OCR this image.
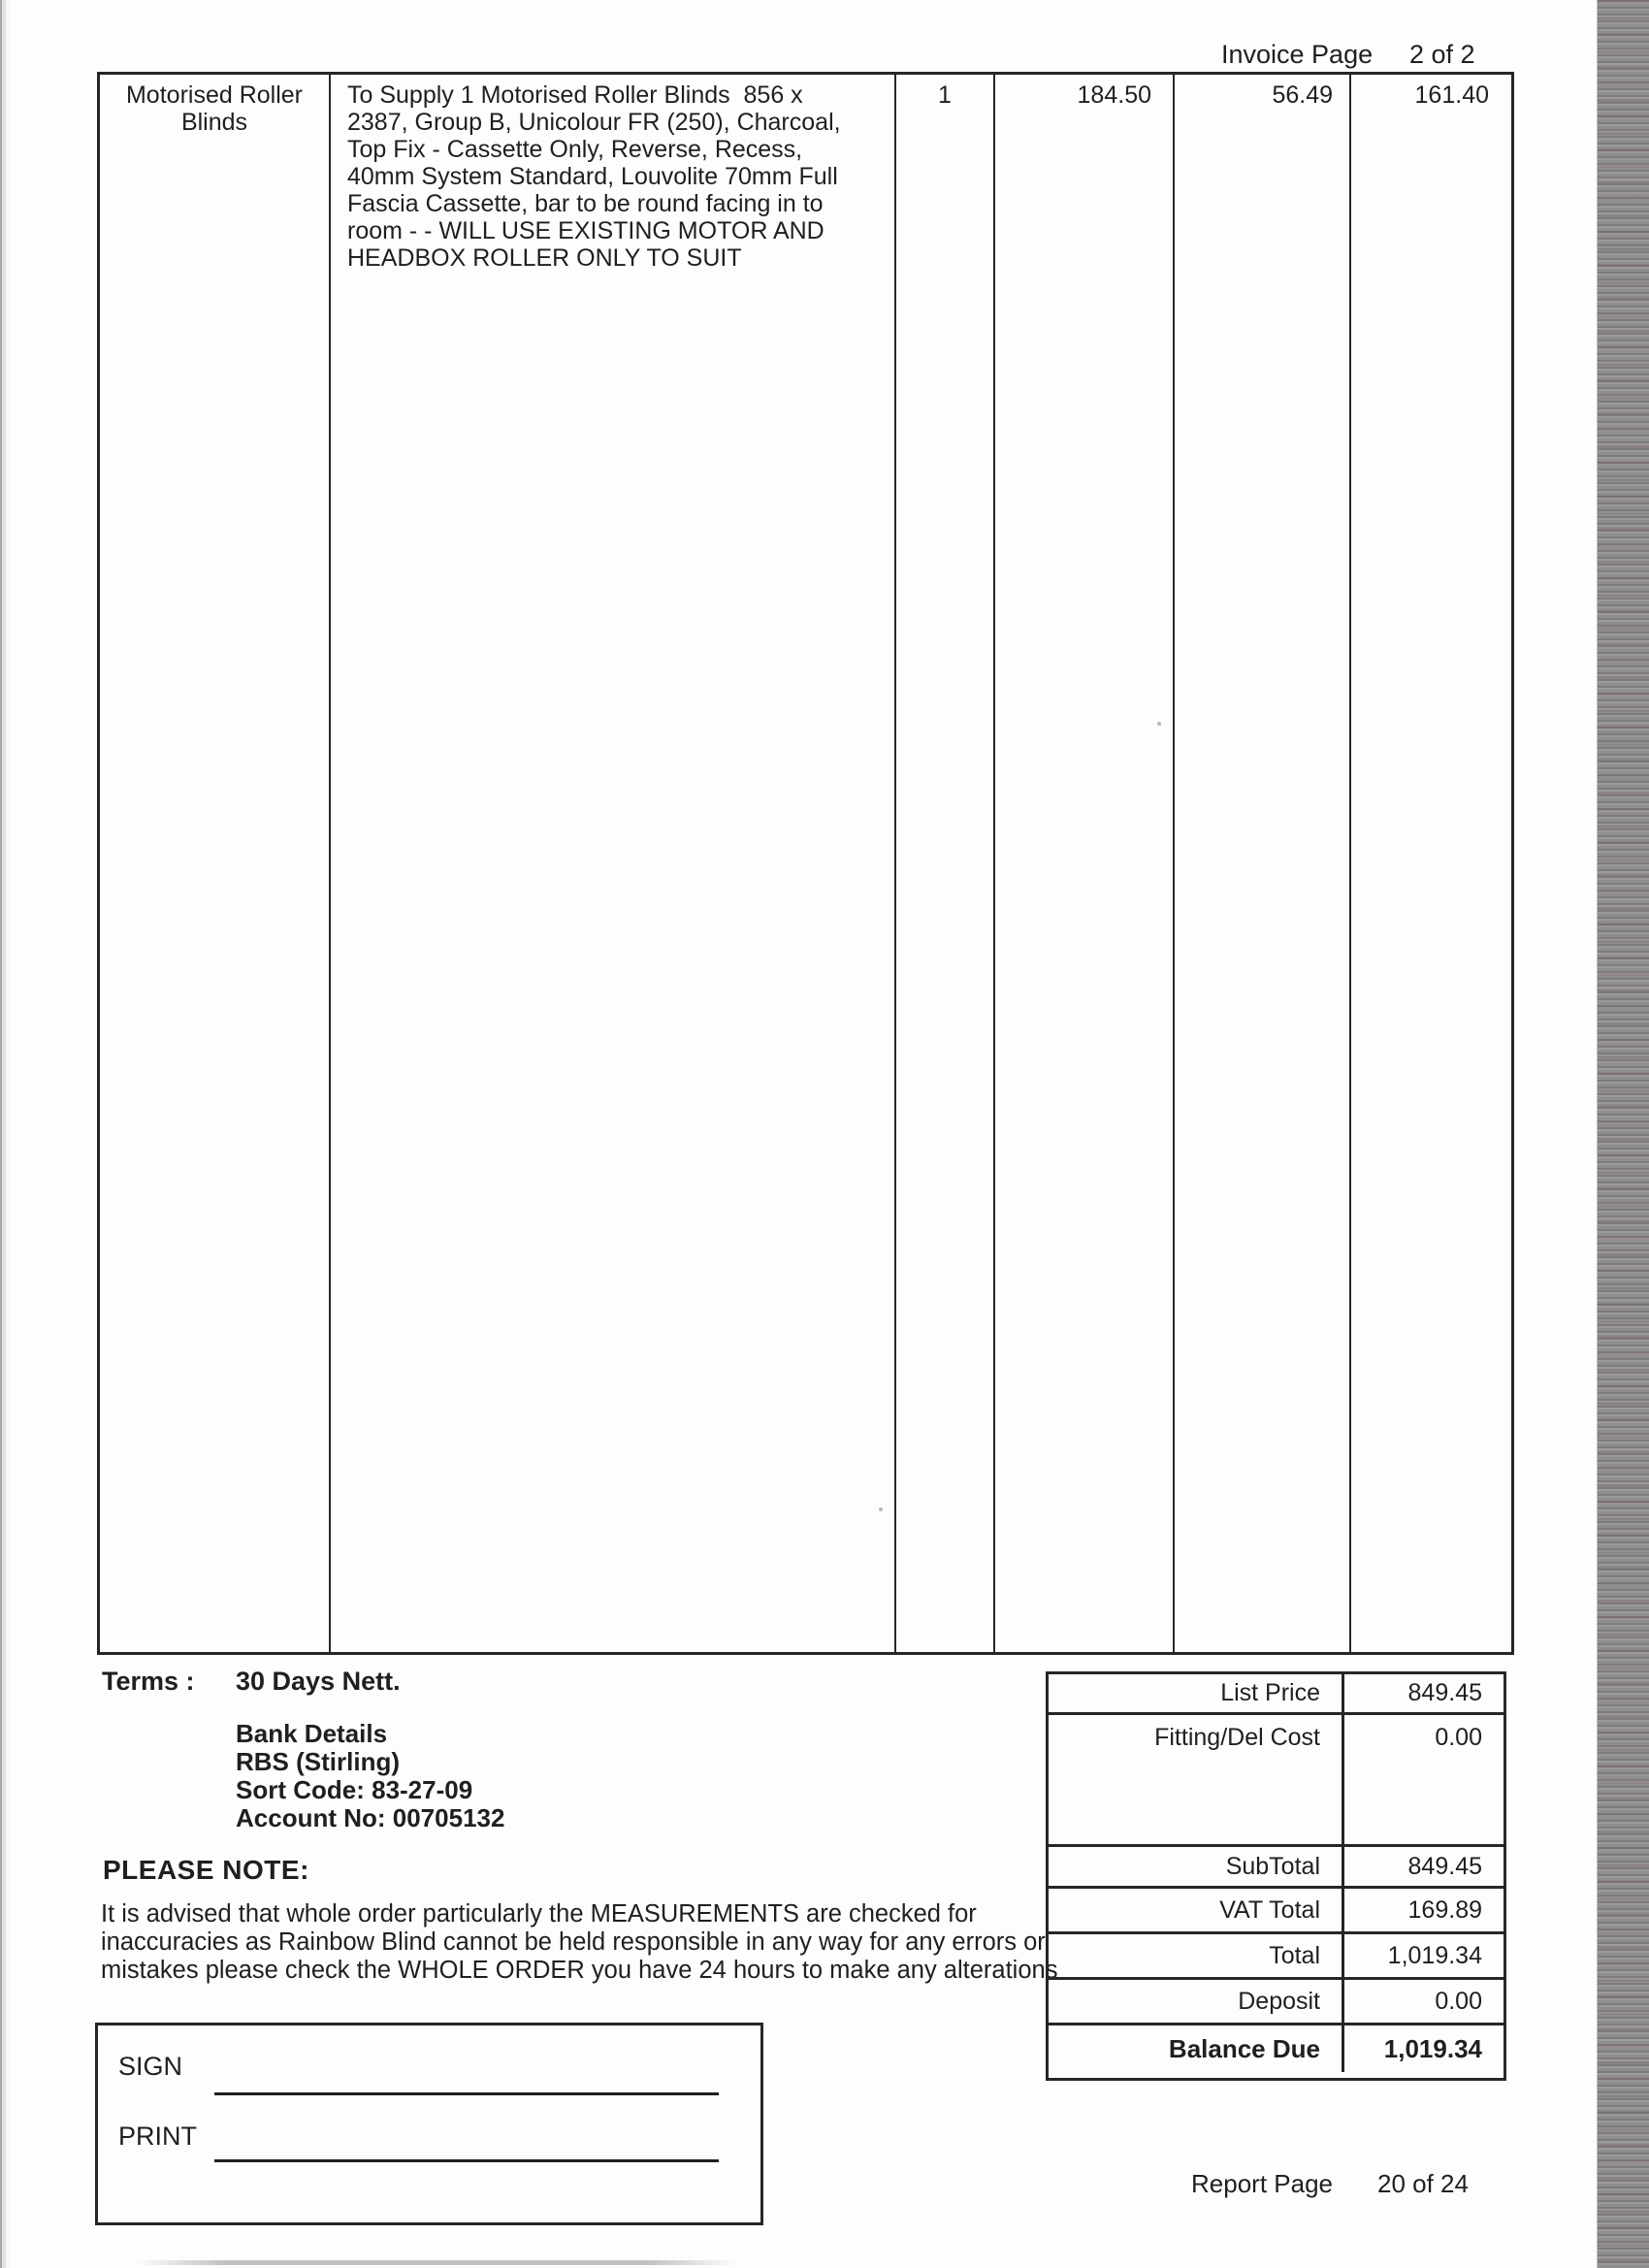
Invoice Page 2 of 2
Motorised Roller Blinds
To Supply 1 Motorised Roller Blinds  856 x
2387, Group B, Unicolour FR (250), Charcoal,
Top Fix - Cassette Only, Reverse, Recess,
40mm System Standard, Louvolite 70mm Full
Fascia Cassette, bar to be round facing in to
room - - WILL USE EXISTING MOTOR AND
HEADBOX ROLLER ONLY TO SUIT
1	184.50	56.49	161.40
Terms : 30 Days Nett.
Bank Details
RBS (Stirling)
Sort Code: 83-27-09
Account No: 00705132
PLEASE NOTE:
It is advised that whole order particularly the MEASUREMENTS are checked for
inaccuracies as Rainbow Blind cannot be held responsible in any way for any errors or
mistakes please check the WHOLE ORDER you have 24 hours to make any alterations
SIGN
PRINT
List Price	849.45
Fitting/Del Cost	0.00
SubTotal	849.45
VAT Total	169.89
Total	1,019.34
Deposit	0.00
Balance Due	1,019.34
Report Page 20 of 24
